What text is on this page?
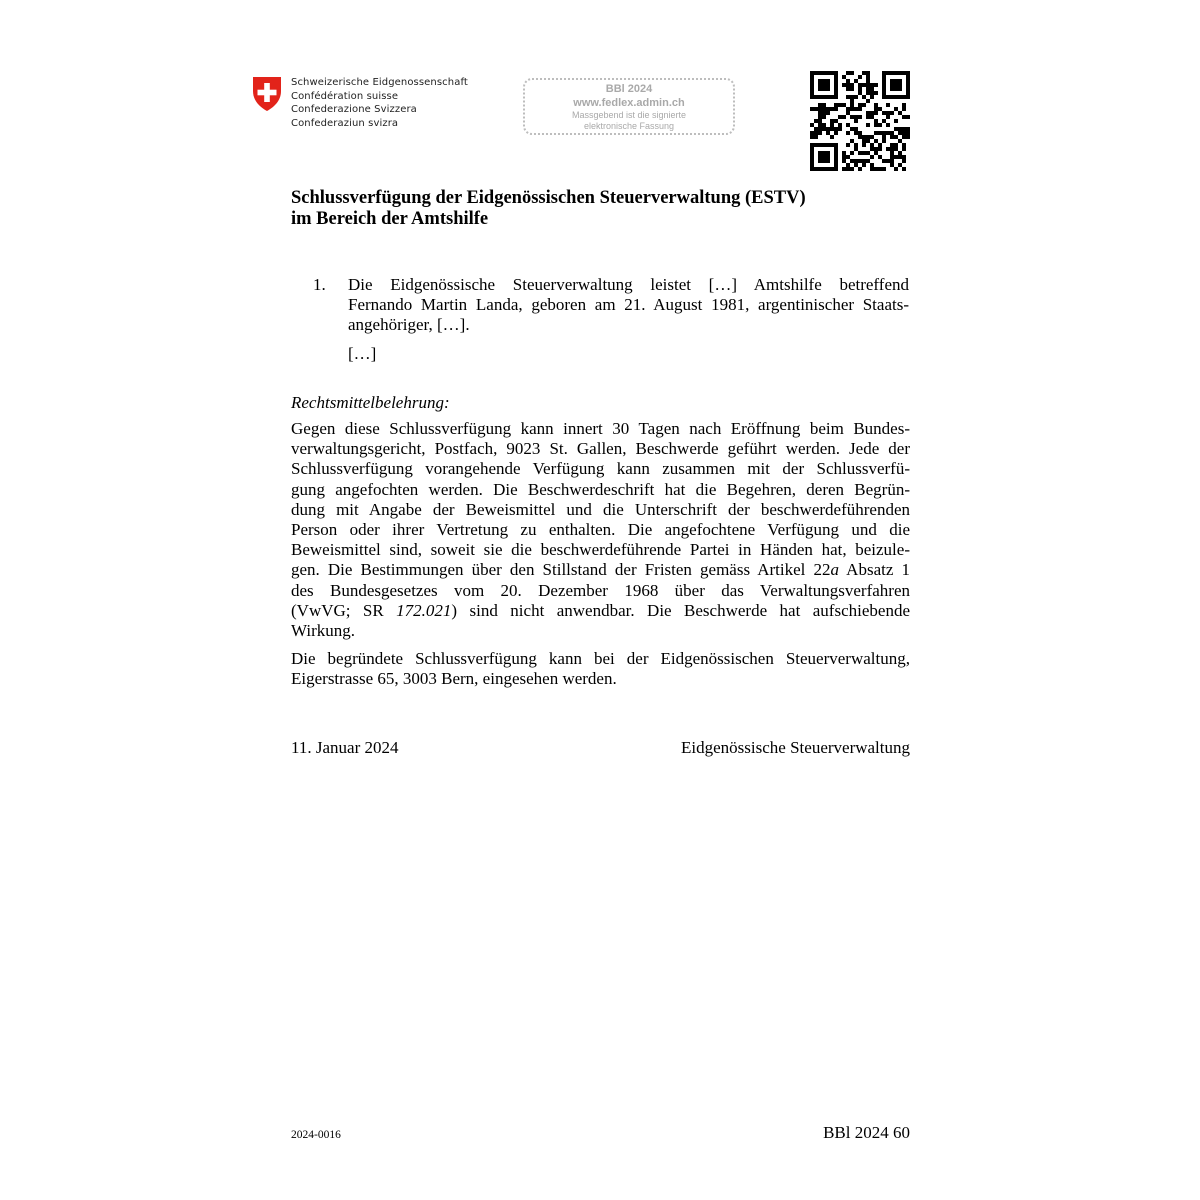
Schweizerische Eidgenossenschaft
Confédération suisse
Confederazione Svizzera
Confederaziun svizra
BBl 2024
www.fedlex.admin.ch
Massgebend ist die signierte
elektronische Fassung
Schlussverfügung der Eidgenössischen Steuerverwaltung (ESTV)
im Bereich der Amtshilfe
1. Die Eidgenössische Steuerverwaltung leistet […] Amtshilfe betreffend
Fernando Martin Landa, geboren am 21. August 1981, argentinischer Staats-
angehöriger, […].
[…]
Rechtsmittelbelehrung:
Gegen diese Schlussverfügung kann innert 30 Tagen nach Eröffnung beim Bundes-
verwaltungsgericht, Postfach, 9023 St. Gallen, Beschwerde geführt werden. Jede der
Schlussverfügung vorangehende Verfügung kann zusammen mit der Schlussverfü-
gung angefochten werden. Die Beschwerdeschrift hat die Begehren, deren Begrün-
dung mit Angabe der Beweismittel und die Unterschrift der beschwerdeführenden
Person oder ihrer Vertretung zu enthalten. Die angefochtene Verfügung und die
Beweismittel sind, soweit sie die beschwerdeführende Partei in Händen hat, beizule-
gen. Die Bestimmungen über den Stillstand der Fristen gemäss Artikel 22a Absatz 1
des Bundesgesetzes vom 20. Dezember 1968 über das Verwaltungsverfahren
(VwVG; SR 172.021) sind nicht anwendbar. Die Beschwerde hat aufschiebende
Wirkung.
Die begründete Schlussverfügung kann bei der Eidgenössischen Steuerverwaltung,
Eigerstrasse 65, 3003 Bern, eingesehen werden.
11. Januar 2024	Eidgenössische Steuerverwaltung
2024-0016	BBl 2024 60
